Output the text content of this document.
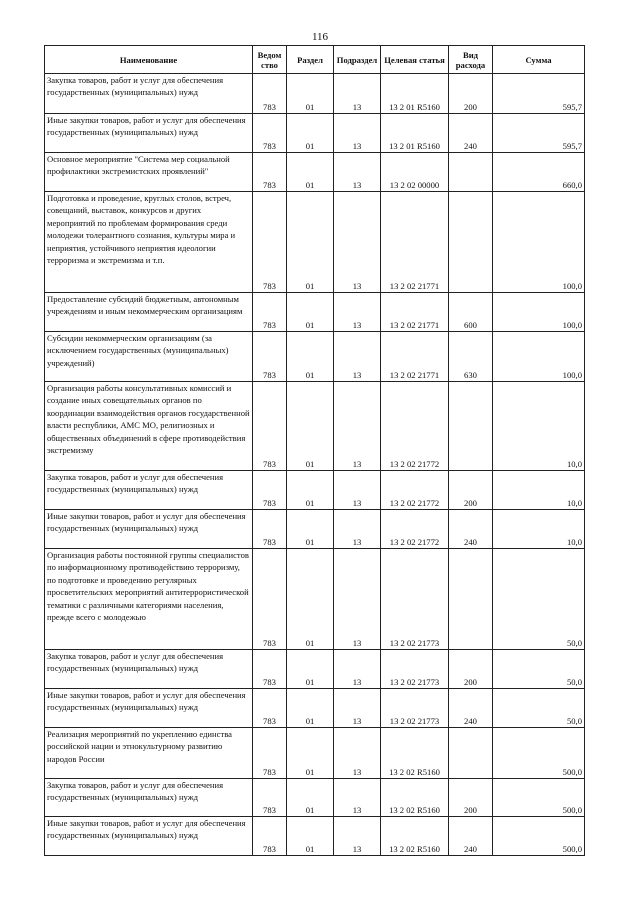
116
Наименование	Ведом ство	Раздел	Подраздел	Целевая статья	Вид расхода	Сумма

Закупка товаров, работ и услуг для обеспечения государственных (муниципальных) нужд	783	01	13	13 2 01 R5160	200	595,7

Иные закупки товаров, работ и услуг для обеспечения государственных (муниципальных) нужд	783	01	13	13 2 01 R5160	240	595,7

Основное мероприятие "Система мер социальной профилактики экстремистских проявлений"	783	01	13	13 2 02 00000		660,0

Подготовка и проведение, круглых столов, встреч, совещаний, выставок, конкурсов и других мероприятий по проблемам формирования среди молодежи толерантного сознания, культуры мира и неприятия, устойчивого неприятия идеологии терроризма и экстремизма и т.п.	783	01	13	13 2 02 21771		100,0

Предоставление субсидий бюджетным, автономным учреждениям и иным некоммерческим организациям	783	01	13	13 2 02 21771	600	100,0

Субсидии некоммерческим организациям (за исключением государственных (муниципальных) учреждений)	783	01	13	13 2 02 21771	630	100,0

Организация работы консультативных комиссий и создание иных совещательных органов по координации взаимодействия органов государственной власти республики, АМС МО, религиозных и общественных объединений в сфере противодействия экстремизму	783	01	13	13 2 02 21772		10,0

Закупка товаров, работ и услуг для обеспечения государственных (муниципальных) нужд	783	01	13	13 2 02 21772	200	10,0

Иные закупки товаров, работ и услуг для обеспечения государственных (муниципальных) нужд	783	01	13	13 2 02 21772	240	10,0

Организация работы постоянной группы специалистов по информационному противодействию терроризму, по подготовке и проведению регулярных просветительских мероприятий антитеррористической тематики с различными категориями населения, прежде всего с молодежью	783	01	13	13 2 02 21773		50,0

Закупка товаров, работ и услуг для обеспечения государственных (муниципальных) нужд	783	01	13	13 2 02 21773	200	50,0

Иные закупки товаров, работ и услуг для обеспечения государственных (муниципальных) нужд	783	01	13	13 2 02 21773	240	50,0

Реализация мероприятий по укреплению единства российской нации и этнокультурному развитию народов России	783	01	13	13 2 02 R5160		500,0

Закупка товаров, работ и услуг для обеспечения государственных (муниципальных) нужд	783	01	13	13 2 02 R5160	200	500,0

Иные закупки товаров, работ и услуг для обеспечения государственных (муниципальных) нужд	783	01	13	13 2 02 R5160	240	500,0
